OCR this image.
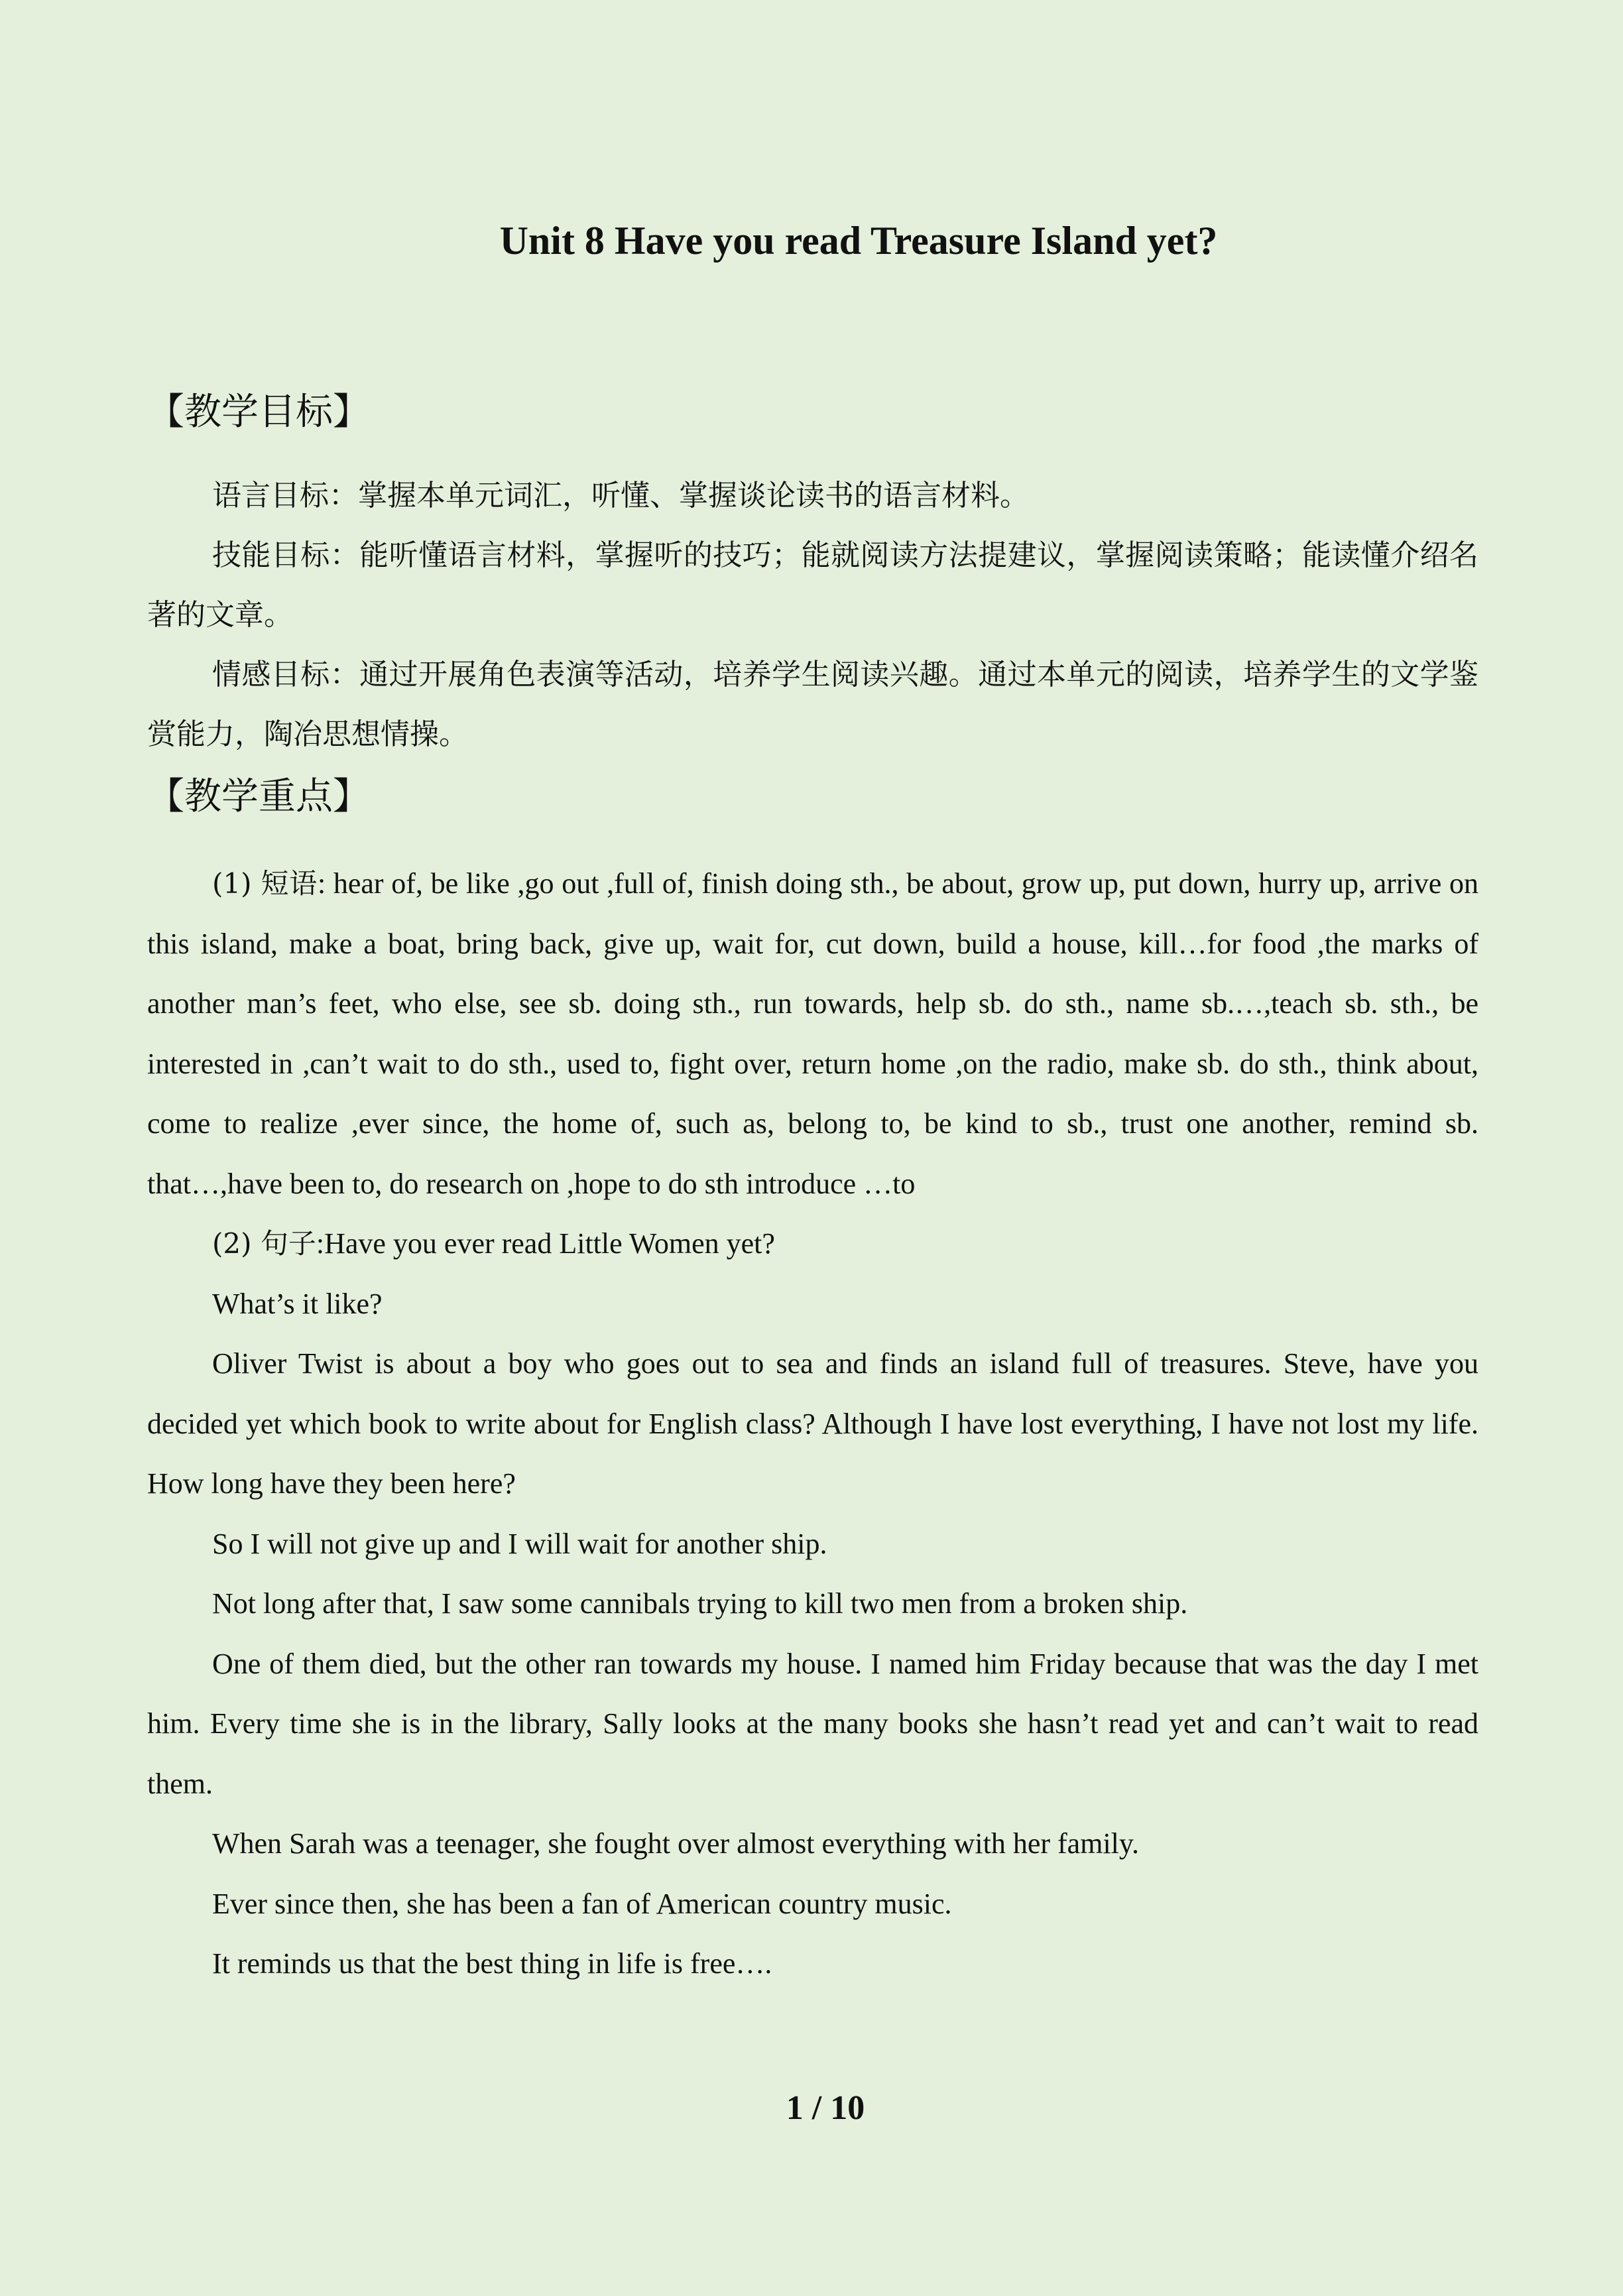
Unit 8 Have you read Treasure Island yet?
【教学目标】

语言目标：掌握本单元词汇，听懂、掌握谈论读书的语言材料。

技能目标：能听懂语言材料，掌握听的技巧；能就阅读方法提建议，掌握阅读策略；能读懂介绍名著的文章。

情感目标：通过开展角色表演等活动，培养学生阅读兴趣。通过本单元的阅读，培养学生的文学鉴赏能力，陶冶思想情操。

【教学重点】

(1) 短语: hear of, be like ,go out ,full of, finish doing sth., be about, grow up, put down, hurry up, arrive on this island, make a boat, bring back, give up, wait for, cut down, build a house, kill…for food ,the marks of another man’s feet, who else, see sb. doing sth., run towards, help sb. do sth., name sb.…,teach sb. sth., be interested in ,can’t wait to do sth., used to, fight over, return home ,on the radio, make sb. do sth., think about, come to realize ,ever since, the home of, such as, belong to, be kind to sb., trust one another, remind sb. that…,have been to, do research on ,hope to do sth introduce …to

(2) 句子:Have you ever read Little Women yet?

What’s it like?

Oliver Twist is about a boy who goes out to sea and finds an island full of treasures. Steve, have you decided yet which book to write about for English class? Although I have lost everything, I have not lost my life. How long have they been here?

So I will not give up and I will wait for another ship.

Not long after that, I saw some cannibals trying to kill two men from a broken ship.

One of them died, but the other ran towards my house. I named him Friday because that was the day I met him. Every time she is in the library, Sally looks at the many books she hasn’t read yet and can’t wait to read them.

When Sarah was a teenager, she fought over almost everything with her family.

Ever since then, she has been a fan of American country music.

It reminds us that the best thing in life is free….

1 / 10
